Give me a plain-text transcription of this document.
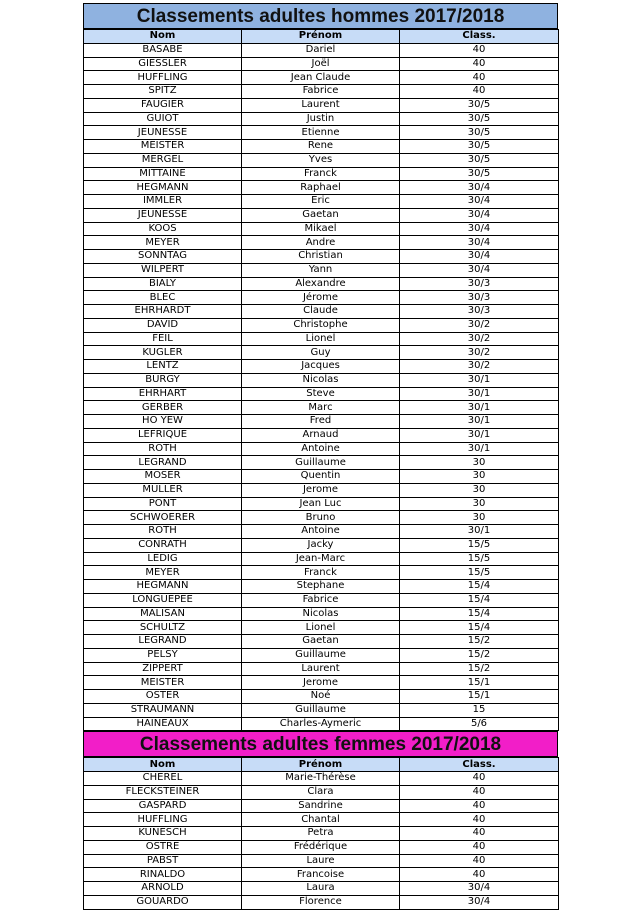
Classements adultes hommes 2017/2018
Nom	Prénom	Class.
BASABE	Dariel	40
GIESSLER	Joël	40
HUFFLING	Jean Claude	40
SPITZ	Fabrice	40
FAUGIER	Laurent	30/5
GUIOT	Justin	30/5
JEUNESSE	Etienne	30/5
MEISTER	Rene	30/5
MERGEL	Yves	30/5
MITTAINE	Franck	30/5
HEGMANN	Raphael	30/4
IMMLER	Eric	30/4
JEUNESSE	Gaetan	30/4
KOOS	Mikael	30/4
MEYER	Andre	30/4
SONNTAG	Christian	30/4
WILPERT	Yann	30/4
BIALY	Alexandre	30/3
BLEC	Jérome	30/3
EHRHARDT	Claude	30/3
DAVID	Christophe	30/2
FEIL	Lionel	30/2
KUGLER	Guy	30/2
LENTZ	Jacques	30/2
BURGY	Nicolas	30/1
EHRHART	Steve	30/1
GERBER	Marc	30/1
HO YEW	Fred	30/1
LEFRIQUE	Arnaud	30/1
ROTH	Antoine	30/1
LEGRAND	Guillaume	30
MOSER	Quentin	30
MULLER	Jerome	30
PONT	Jean Luc	30
SCHWOERER	Bruno	30
ROTH	Antoine	30/1
CONRATH	Jacky	15/5
LEDIG	Jean-Marc	15/5
MEYER	Franck	15/5
HEGMANN	Stephane	15/4
LONGUEPEE	Fabrice	15/4
MALISAN	Nicolas	15/4
SCHULTZ	Lionel	15/4
LEGRAND	Gaetan	15/2
PELSY	Guillaume	15/2
ZIPPERT	Laurent	15/2
MEISTER	Jerome	15/1
OSTER	Noé	15/1
STRAUMANN	Guillaume	15
HAINEAUX	Charles-Aymeric	5/6
Classements adultes femmes 2017/2018
Nom	Prénom	Class.
CHEREL	Marie-Thérèse	40
FLECKSTEINER	Clara	40
GASPARD	Sandrine	40
HUFFLING	Chantal	40
KUNESCH	Petra	40
OSTRE	Frédérique	40
PABST	Laure	40
RINALDO	Francoise	40
ARNOLD	Laura	30/4
GOUARDO	Florence	30/4
